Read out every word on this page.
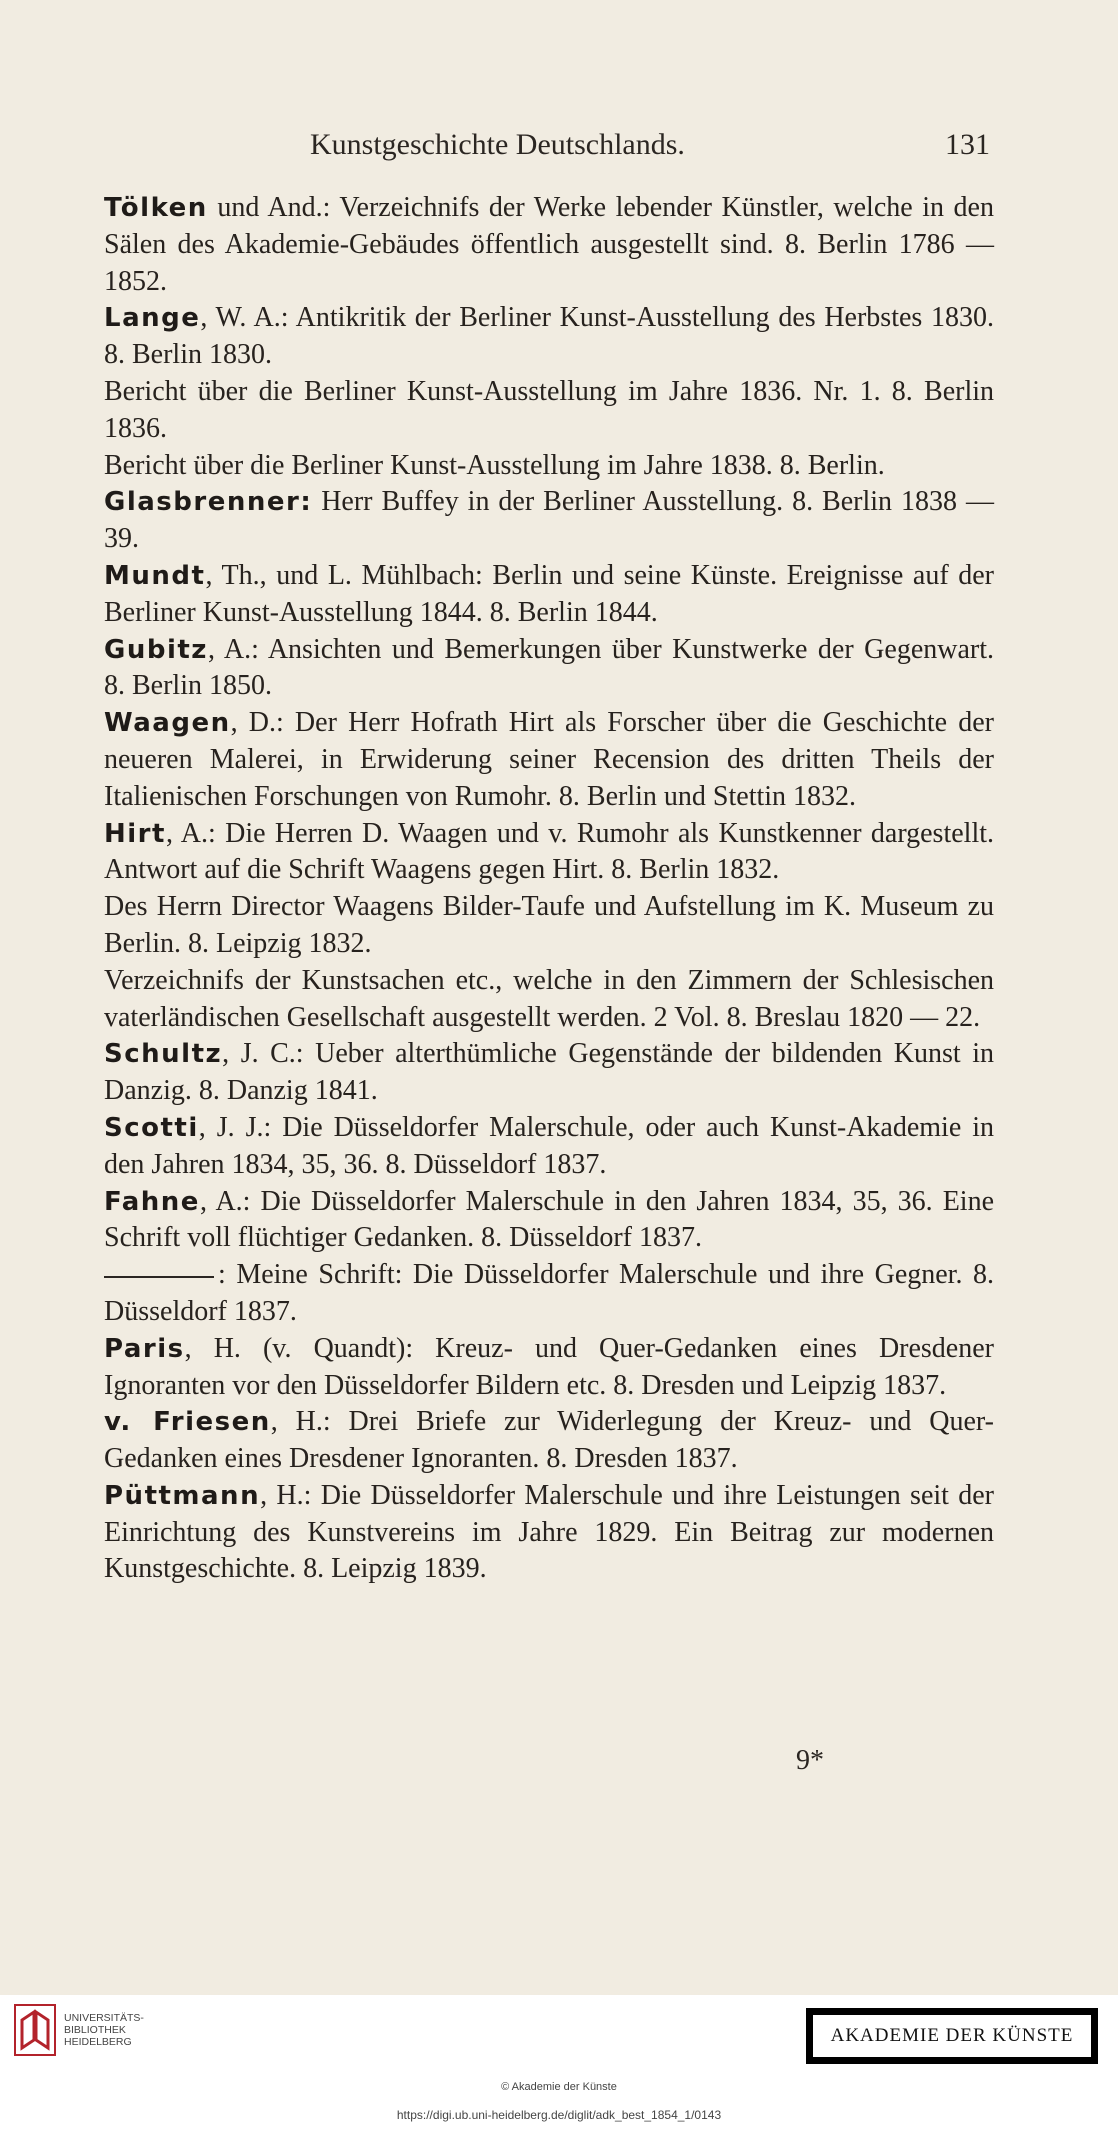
Kunstgeschichte Deutschlands.	131

Tölken und And.: Verzeichnifs der Werke lebender Künstler, welche in den Sälen des Akademie-Gebäudes öffentlich ausgestellt sind. 8. Berlin 1786 — 1852.

Lange, W. A.: Antikritik der Berliner Kunst-Ausstellung des Herbstes 1830. 8. Berlin 1830.

Bericht über die Berliner Kunst-Ausstellung im Jahre 1836. Nr. 1. 8. Berlin 1836.

Bericht über die Berliner Kunst-Ausstellung im Jahre 1838. 8. Berlin.

Glasbrenner: Herr Buffey in der Berliner Ausstellung. 8. Berlin 1838 — 39.

Mundt, Th., und L. Mühlbach: Berlin und seine Künste. Ereignisse auf der Berliner Kunst-Ausstellung 1844. 8. Berlin 1844.

Gubitz, A.: Ansichten und Bemerkungen über Kunstwerke der Gegenwart. 8. Berlin 1850.

Waagen, D.: Der Herr Hofrath Hirt als Forscher über die Geschichte der neueren Malerei, in Erwiderung seiner Recension des dritten Theils der Italienischen Forschungen von Rumohr. 8. Berlin und Stettin 1832.

Hirt, A.: Die Herren D. Waagen und v. Rumohr als Kunstkenner dargestellt. Antwort auf die Schrift Waagens gegen Hirt. 8. Berlin 1832.

Des Herrn Director Waagens Bilder-Taufe und Aufstellung im K. Museum zu Berlin. 8. Leipzig 1832.

Verzeichnifs der Kunstsachen etc., welche in den Zimmern der Schlesischen vaterländischen Gesellschaft ausgestellt werden. 2 Vol. 8. Breslau 1820 — 22.

Schultz, J. C.: Ueber alterthümliche Gegenstände der bildenden Kunst in Danzig. 8. Danzig 1841.

Scotti, J. J.: Die Düsseldorfer Malerschule, oder auch Kunst-Akademie in den Jahren 1834, 35, 36. 8. Düsseldorf 1837.

Fahne, A.: Die Düsseldorfer Malerschule in den Jahren 1834, 35, 36. Eine Schrift voll flüchtiger Gedanken. 8. Düsseldorf 1837.

: Meine Schrift: Die Düsseldorfer Malerschule und ihre Gegner. 8. Düsseldorf 1837.

Paris, H. (v. Quandt): Kreuz- und Quer-Gedanken eines Dresdener Ignoranten vor den Düsseldorfer Bildern etc. 8. Dresden und Leipzig 1837.

v. Friesen, H.: Drei Briefe zur Widerlegung der Kreuz- und Quer-Gedanken eines Dresdener Ignoranten. 8. Dresden 1837.

Püttmann, H.: Die Düsseldorfer Malerschule und ihre Leistungen seit der Einrichtung des Kunstvereins im Jahre 1829. Ein Beitrag zur modernen Kunstgeschichte. 8. Leipzig 1839.

9*
UNIVERSITÄTS-
BIBLIOTHEK
HEIDELBERG	AKADEMIE DER KÜNSTE
© Akademie der Künste
https://digi.ub.uni-heidelberg.de/diglit/adk_best_1854_1/0143
